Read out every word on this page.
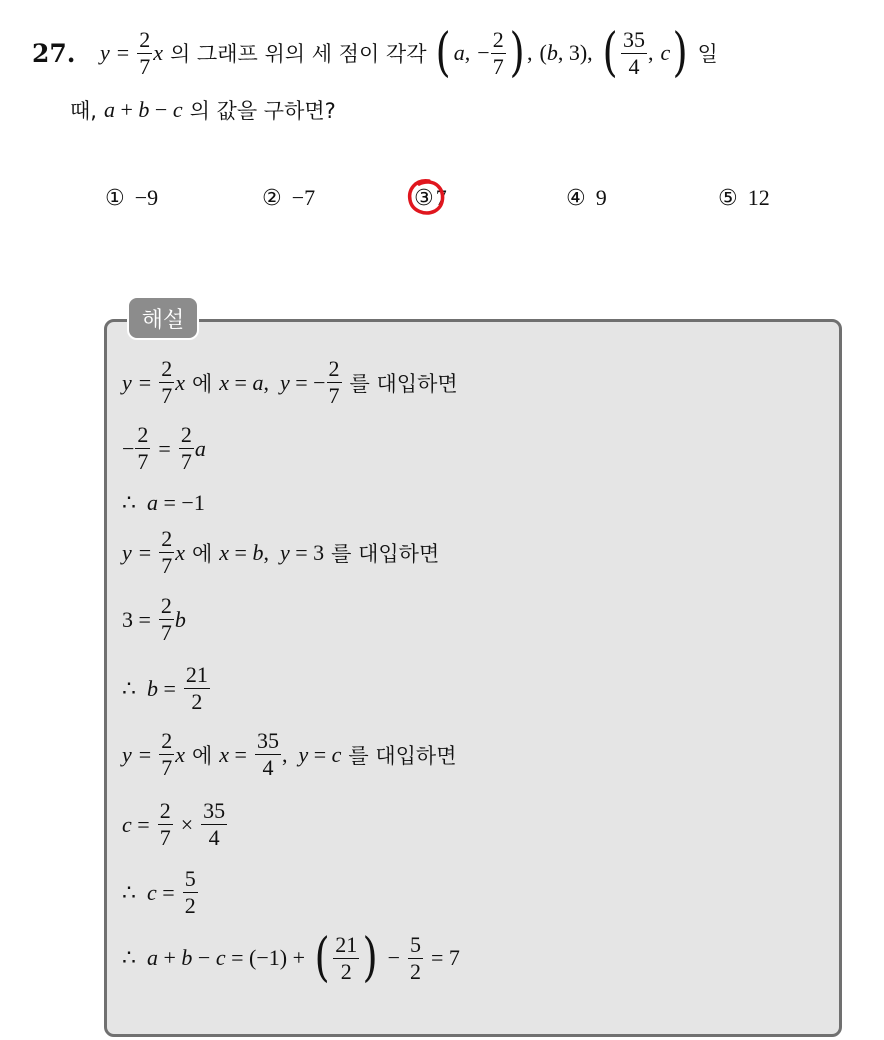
27.	y
=
$\frac{2}{7}$ x
의 그래프 위의 세 점이 각각
( a ,
− $\frac{2}{7}$ ) ,
(b, 3),
( $\frac{35}{4}$ ,
c )
일
때,
a + b − c
의 값을 구하면?
① −9	② −7	③ 7	④ 9	⑤ 12
해설
y
=
$\frac{2}{7}$ x
에
x = a,  y = − $\frac{2}{7}$
를 대입하면
− $\frac{2}{7}$
=
$\frac{2}{7}$ a
∴  a = −1
y
=
$\frac{2}{7}$ x
에
x = b,  y = 3
를 대입하면
3 =
$\frac{2}{7}$ b
∴  b =
$\frac{21}{2}$
y
=
$\frac{2}{7}$ x
에
x =
$\frac{35}{4}$ ,  y = c
를 대입하면
c =
$\frac{2}{7}$
×
$\frac{35}{4}$
∴  c =
$\frac{5}{2}$
∴  a + b − c = (−1) +
( $\frac{21}{2}$ )
−
$\frac{5}{2}$
= 7
